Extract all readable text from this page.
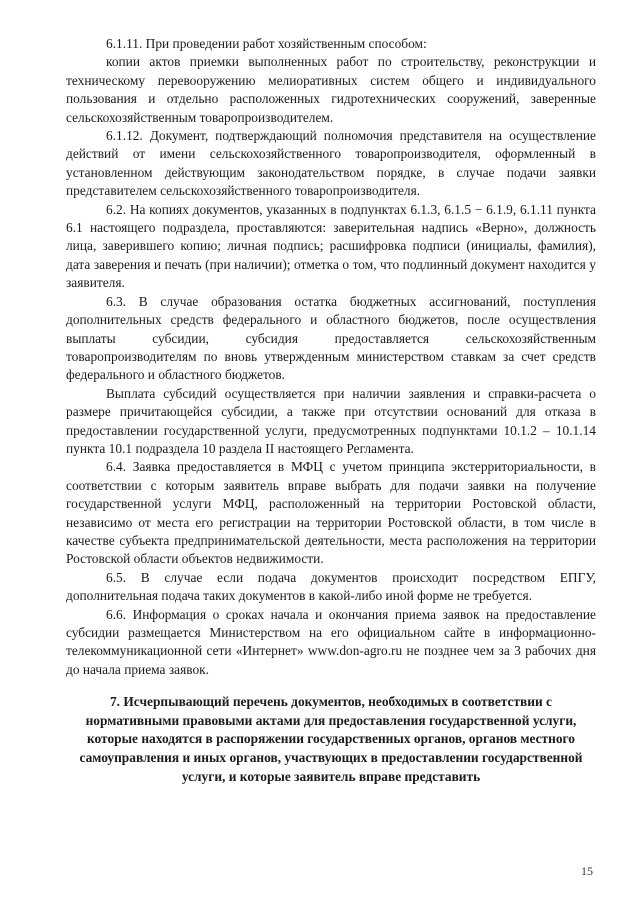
6.1.11. При проведении работ хозяйственным способом:

копии актов приемки выполненных работ по строительству, реконструкции и техническому перевооружению мелиоративных систем общего и индивидуального пользования и отдельно расположенных гидротехнических сооружений, заверенные сельскохозяйственным товаропроизводителем.

6.1.12. Документ, подтверждающий полномочия представителя на осуществление действий от имени сельскохозяйственного товаропроизводителя, оформленный в установленном действующим законодательством порядке, в случае подачи заявки представителем сельскохозяйственного товаропроизводителя.

6.2. На копиях документов, указанных в подпунктах 6.1.3, 6.1.5 − 6.1.9, 6.1.11 пункта 6.1 настоящего подраздела, проставляются: заверительная надпись «Верно», должность лица, заверившего копию; личная подпись; расшифровка подписи (инициалы, фамилия), дата заверения и печать (при наличии); отметка о том, что подлинный документ находится у заявителя.

6.3. В случае образования остатка бюджетных ассигнований, поступления дополнительных средств федерального и областного бюджетов, после осуществления выплаты субсидии, субсидия предоставляется сельскохозяйственным товаропроизводителям по вновь утвержденным министерством ставкам за счет средств федерального и областного бюджетов.

Выплата субсидий осуществляется при наличии заявления и справки-расчета о размере причитающейся субсидии, а также при отсутствии оснований для отказа в предоставлении государственной услуги, предусмотренных подпунктами 10.1.2 – 10.1.14 пункта 10.1 подраздела 10 раздела II настоящего Регламента.

6.4. Заявка предоставляется в МФЦ с учетом принципа экстерриториальности, в соответствии с которым заявитель вправе выбрать для подачи заявки на получение государственной услуги МФЦ, расположенный на территории Ростовской области, независимо от места его регистрации на территории Ростовской области, в том числе в качестве субъекта предпринимательской деятельности, места расположения на территории Ростовской области объектов недвижимости.

6.5. В случае если подача документов происходит посредством ЕПГУ, дополнительная подача таких документов в какой-либо иной форме не требуется.

6.6. Информация о сроках начала и окончания приема заявок на предоставление субсидии размещается Министерством на его официальном сайте в информационно-телекоммуникационной сети «Интернет» www.don-agro.ru не позднее чем за 3 рабочих дня до начала приема заявок.

7. Исчерпывающий перечень документов, необходимых в соответствии с нормативными правовыми актами для предоставления государственной услуги, которые находятся в распоряжении государственных органов, органов местного самоуправления и иных органов, участвующих в предоставлении государственной услуги, и которые заявитель вправе представить

15
